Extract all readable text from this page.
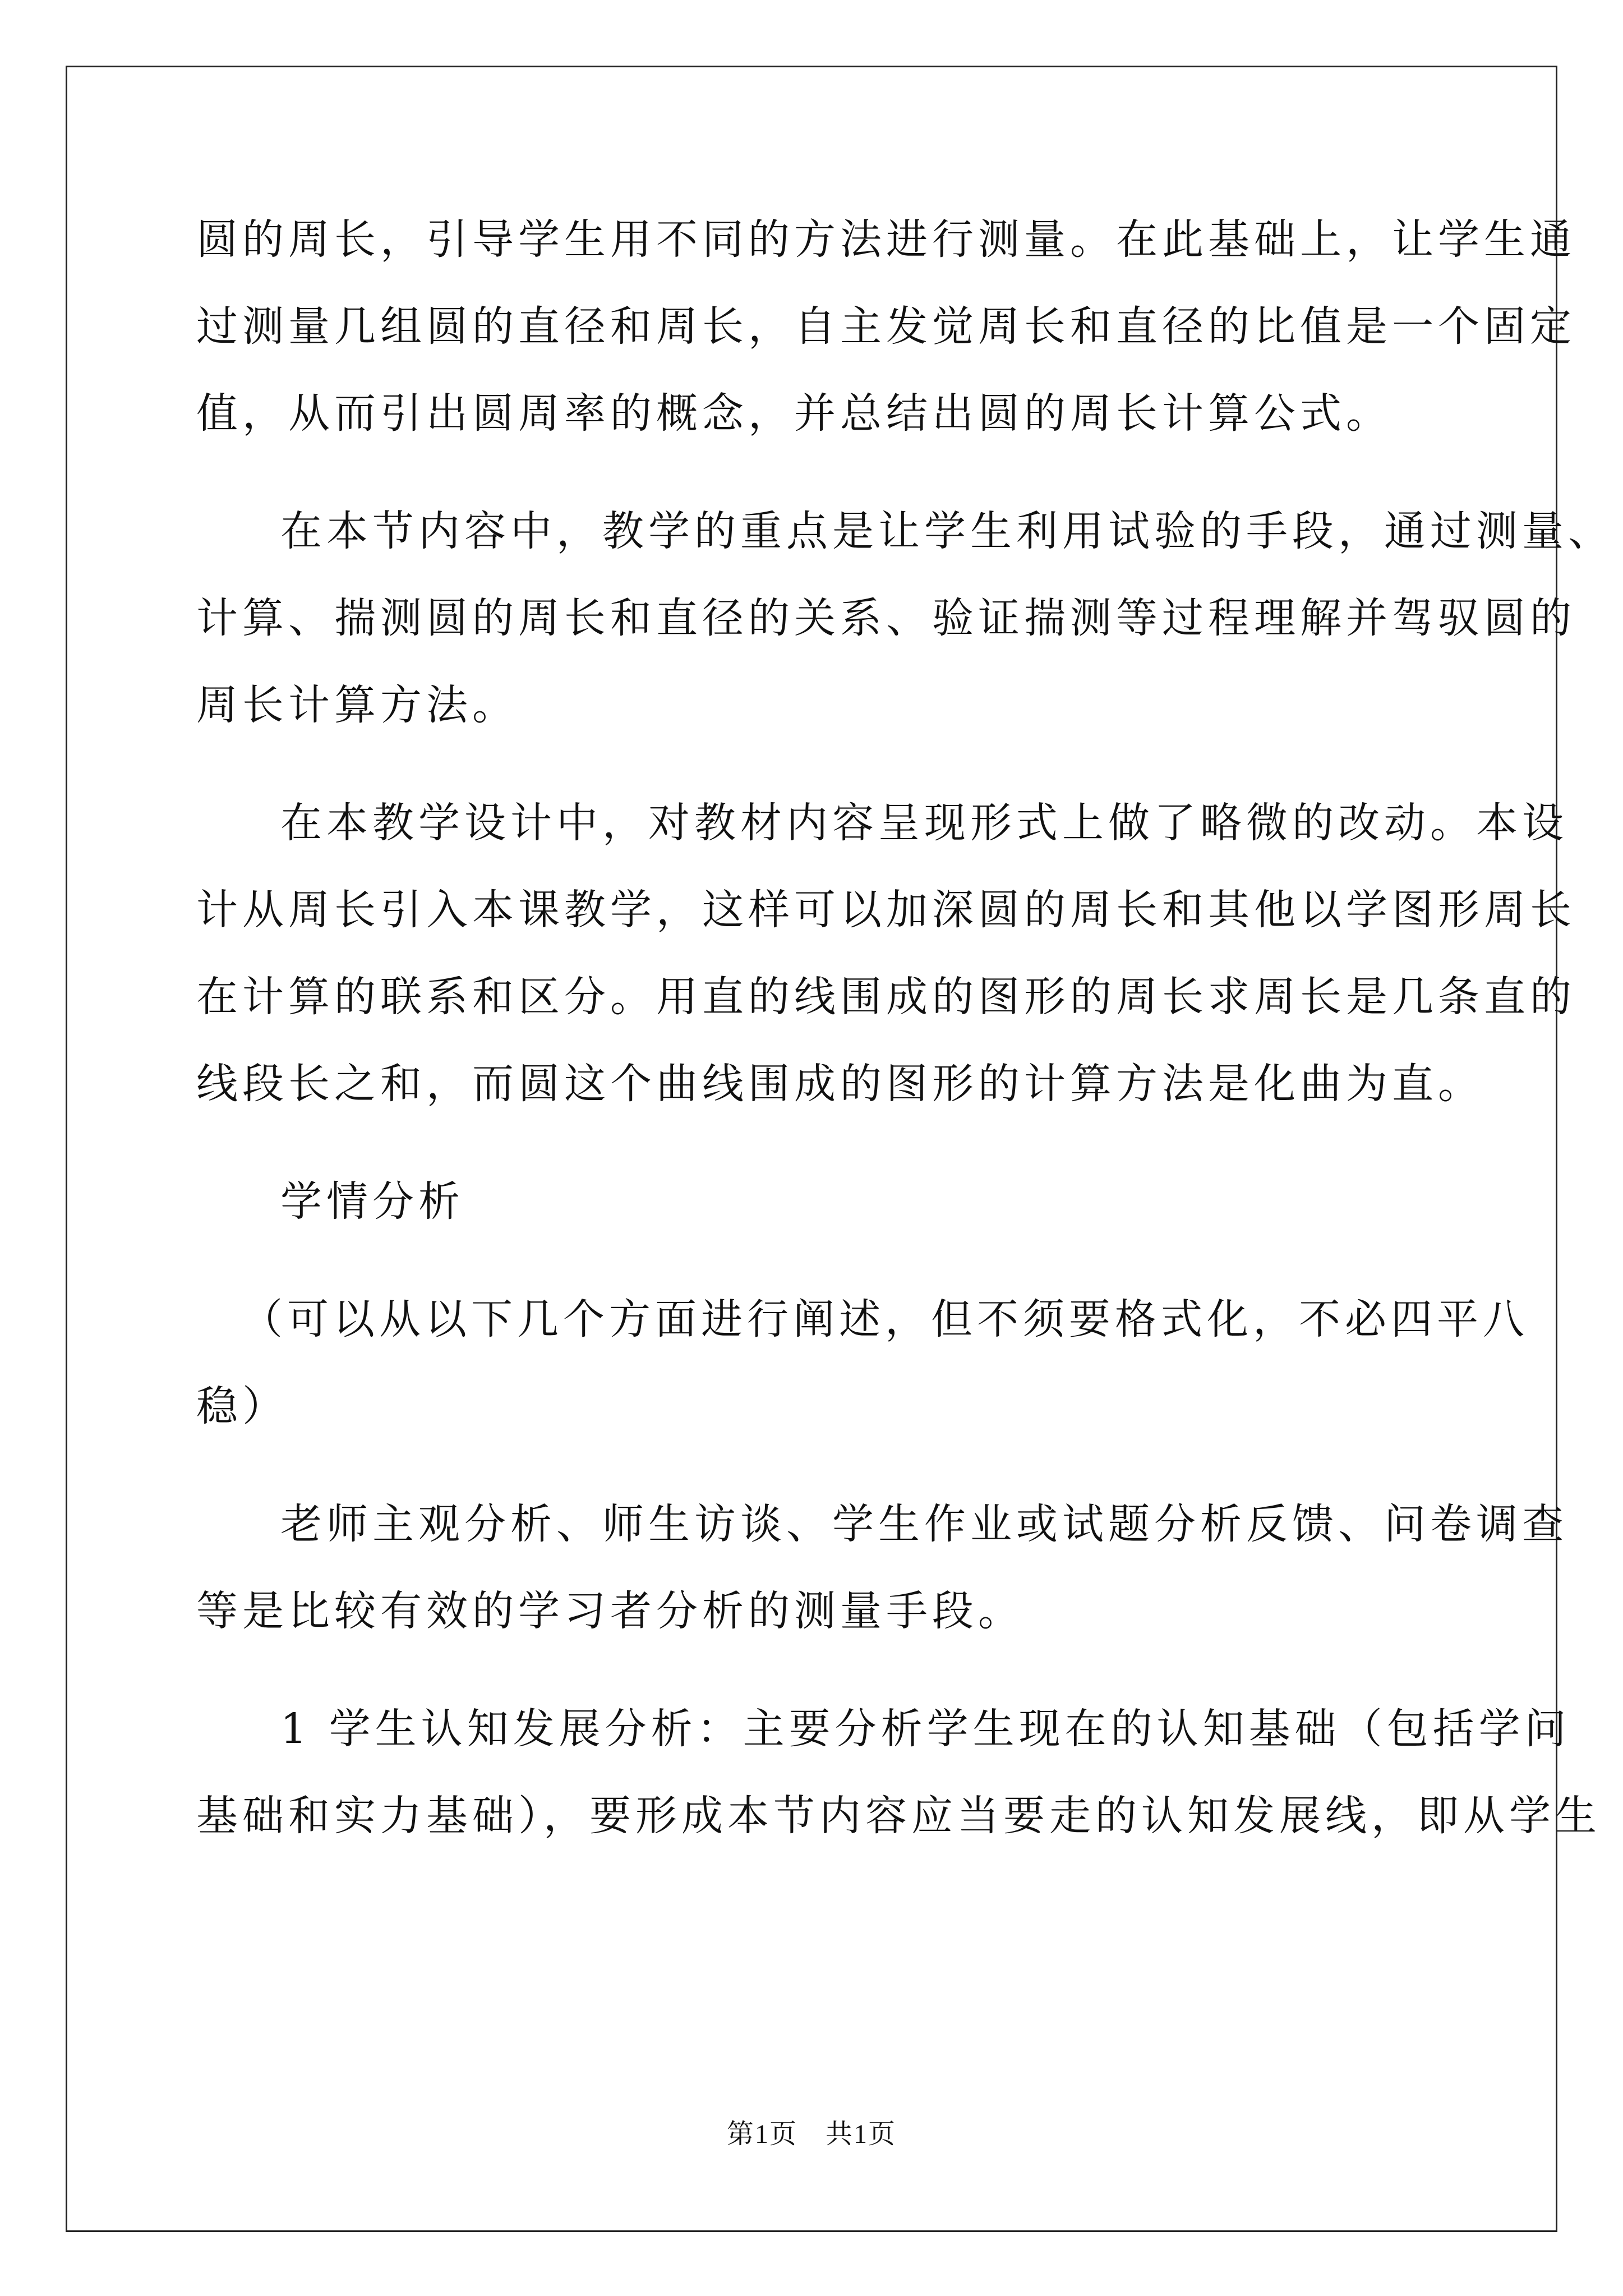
圆的周长，引导学生用不同的方法进行测量。在此基础上，让学生通
过测量几组圆的直径和周长，自主发觉周长和直径的比值是一个固定
值，从而引出圆周率的概念，并总结出圆的周长计算公式。
在本节内容中，教学的重点是让学生利用试验的手段，通过测量、
计算、揣测圆的周长和直径的关系、验证揣测等过程理解并驾驭圆的
周长计算方法。
在本教学设计中，对教材内容呈现形式上做了略微的改动。本设
计从周长引入本课教学，这样可以加深圆的周长和其他以学图形周长
在计算的联系和区分。用直的线围成的图形的周长求周长是几条直的
线段长之和，而圆这个曲线围成的图形的计算方法是化曲为直。
学情分析
（可以从以下几个方面进行阐述，但不须要格式化，不必四平八
稳）
老师主观分析、师生访谈、学生作业或试题分析反馈、问卷调查
等是比较有效的学习者分析的测量手段。
1 学生认知发展分析：主要分析学生现在的认知基础（包括学问
基础和实力基础），要形成本节内容应当要走的认知发展线，即从学生
第1页　共1页
